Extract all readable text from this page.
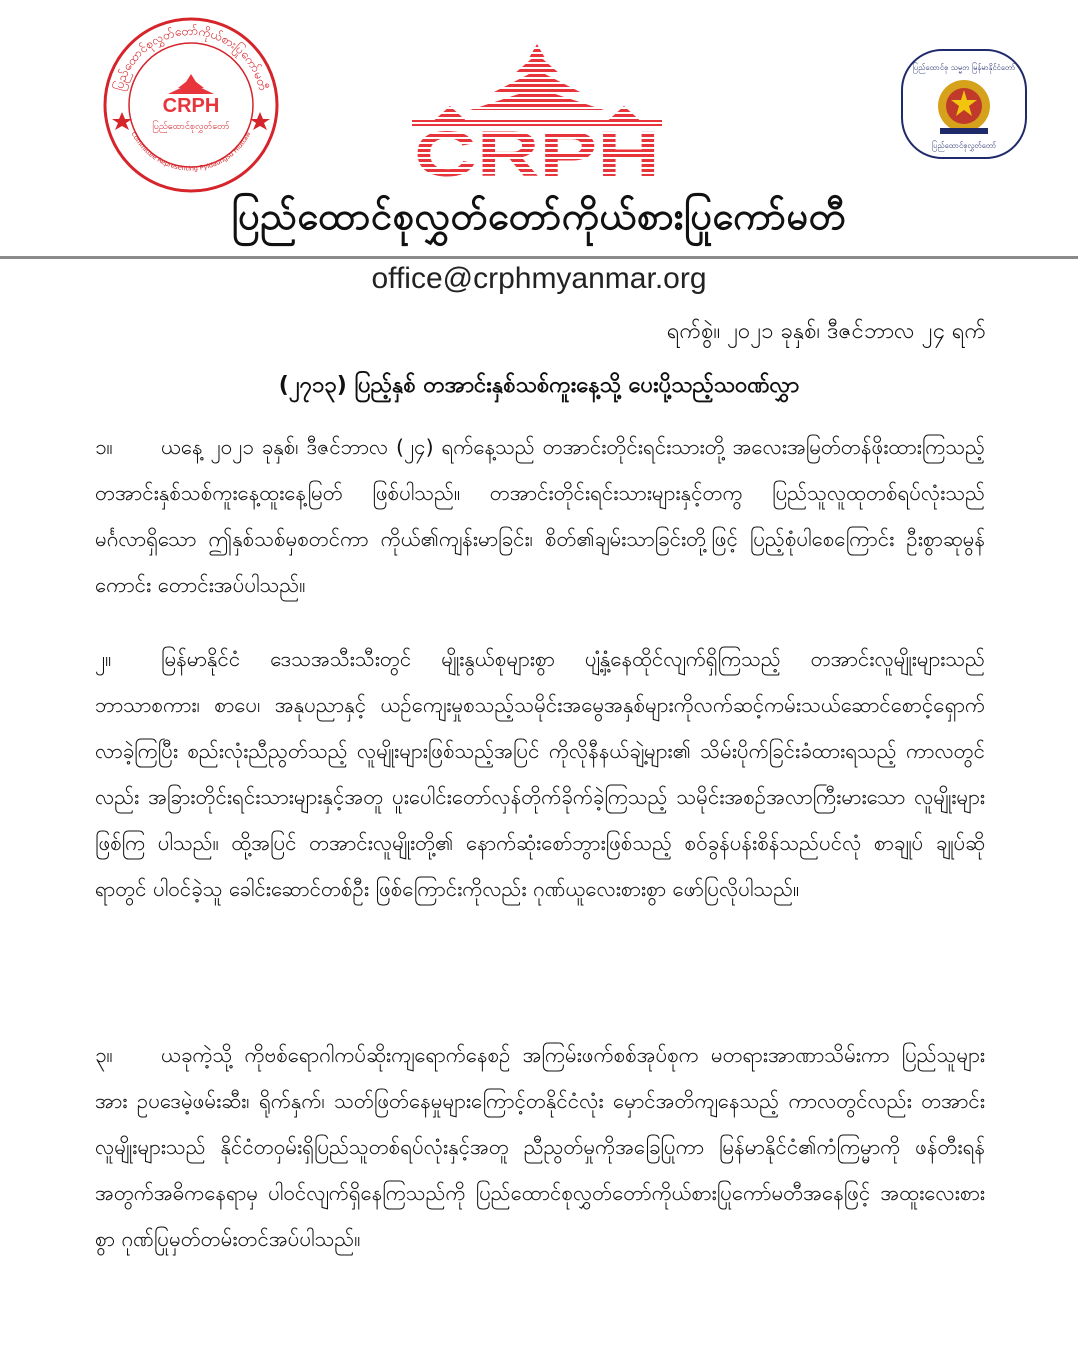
ပြည်ထောင်စုလွှတ်တော်ကိုယ်စားပြုကော်မတီ
Committee Representing Pyidaungsu Hluttaw
CRPH
ပြည်ထောင်စုလွှတ်တော်	CRPH
ပြည်ထောင်စု သမ္မတ မြန်မာနိုင်ငံတော်
ပြည်ထောင်စုလွှတ်တော်
ပြည်ထောင်စုလွှတ်တော်ကိုယ်စားပြုကော်မတီ
office@crphmyanmar.org
ရက်စွဲ။ ၂၀၂၁ ခုနှစ်၊ ဒီဇင်ဘာလ ၂၄ ရက်
(၂၇၁၃) ပြည့်နှစ် တအာင်းနှစ်သစ်ကူးနေ့သို့ ပေးပို့သည့်သဝဏ်လွှာ
၁။ ယနေ့ ၂၀၂၁ ခုနှစ်၊ ဒီဇင်ဘာလ (၂၄) ရက်နေ့သည် တအာင်းတိုင်းရင်းသားတို့ အလေးအမြတ်တန်ဖိုးထားကြသည့် တအာင်းနှစ်သစ်ကူးနေ့ထူးနေ့မြတ် ဖြစ်ပါသည်။ တအာင်းတိုင်းရင်းသားများနှင့်တကွ ပြည်သူလူထုတစ်ရပ်လုံးသည် မင်္ဂလာရှိသော ဤနှစ်သစ်မှစတင်ကာ ကိုယ်၏ကျန်းမာခြင်း၊ စိတ်၏ချမ်းသာခြင်းတို့ဖြင့် ပြည့်စုံပါစေကြောင်း ဦးစွာဆုမွန်ကောင်း တောင်းအပ်ပါသည်။
၂။ မြန်မာနိုင်ငံ ဒေသအသီးသီးတွင် မျိုးနွယ်စုများစွာ ပျံ့နှံ့နေထိုင်လျက်ရှိကြသည့် တအာင်းလူမျိုးများသည် ဘာသာစကား၊ စာပေ၊ အနုပညာနှင့် ယဉ်ကျေးမှုစသည့်သမိုင်းအမွေအနှစ်များကိုလက်ဆင့်ကမ်းသယ်ဆောင်စောင့်ရှောက်လာခဲ့ကြပြီး စည်းလုံးညီညွတ်သည့် လူမျိုးများဖြစ်သည့်အပြင် ကိုလိုနီနယ်ချဲ့များ၏ သိမ်းပိုက်ခြင်းခံထားရသည့် ကာလတွင်လည်း အခြားတိုင်းရင်းသားများနှင့်အတူ ပူးပေါင်းတော်လှန်တိုက်ခိုက်ခဲ့ကြသည့် သမိုင်းအစဉ်အလာကြီးမားသော လူမျိုးများဖြစ်ကြ ပါသည်။ ထို့အပြင် တအာင်းလူမျိုးတို့၏ နောက်ဆုံးစော်ဘွားဖြစ်သည့် စဝ်ခွန်ပန်းစိန်သည်ပင်လုံ စာချုပ် ချုပ်ဆိုရာတွင် ပါဝင်ခဲ့သူ ခေါင်းဆောင်တစ်ဦး ဖြစ်ကြောင်းကိုလည်း ဂုဏ်ယူလေးစားစွာ ဖော်ပြလိုပါသည်။
၃။ ယခုကဲ့သို့ ကိုဗစ်ရောဂါကပ်ဆိုးကျရောက်နေစဉ် အကြမ်းဖက်စစ်အုပ်စုက မတရားအာဏာသိမ်းကာ ပြည်သူများအား ဥပဒေမဲ့ဖမ်းဆီး၊ ရိုက်နှက်၊ သတ်ဖြတ်နေမှုများကြောင့်တနိုင်ငံလုံး မှောင်အတိကျနေသည့် ကာလတွင်လည်း တအာင်းလူမျိုးများသည် နိုင်ငံတဝှမ်းရှိပြည်သူတစ်ရပ်လုံးနှင့်အတူ ညီညွတ်မှုကိုအခြေပြုကာ မြန်မာနိုင်ငံ၏ကံကြမ္မာကို ဖန်တီးရန်အတွက်အဓိကနေရာမှ ပါဝင်လျက်ရှိနေကြသည်ကို ပြည်ထောင်စုလွှတ်တော်ကိုယ်စားပြုကော်မတီအနေဖြင့် အထူးလေးစားစွာ ဂုဏ်ပြုမှတ်တမ်းတင်အပ်ပါသည်။
